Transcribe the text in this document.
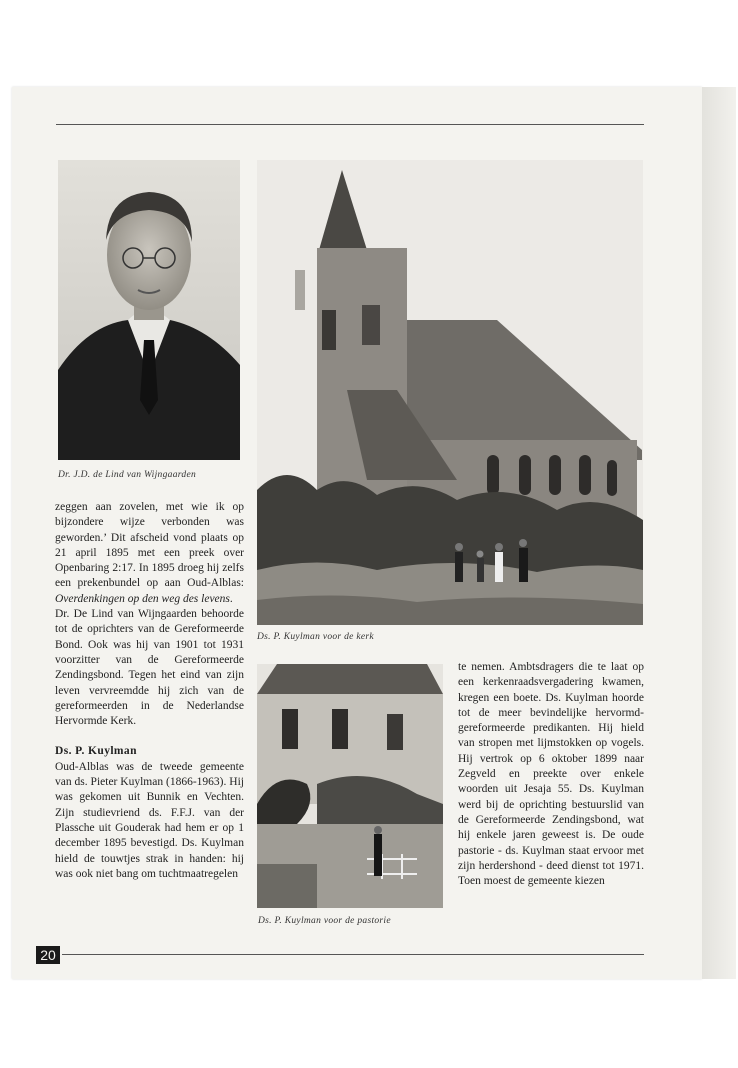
Dr. J.D. de Lind van Wijngaarden
Ds. P. Kuylman voor de kerk
Ds. P. Kuylman voor de pastorie

zeggen aan zovelen, met wie ik op bijzondere wijze verbonden was geworden.’ Dit afscheid vond plaats op 21 april 1895 met een preek over Openbaring 2:17. In 1895 droeg hij zelfs een prekenbundel op aan Oud-Alblas: Overdenkingen op den weg des levens.

Dr. De Lind van Wijngaarden behoorde tot de oprichters van de Gereformeerde Bond. Ook was hij van 1901 tot 1931 voorzitter van de Gereformeerde Zendingsbond. Tegen het eind van zijn leven vervreemdde hij zich van de gereformeerden in de Nederlandse Hervormde Kerk.

Ds. P. Kuylman

Oud-Alblas was de tweede gemeente van ds. Pieter Kuylman (1866-1963). Hij was gekomen uit Bunnik en Vechten. Zijn studievriend ds. F.F.J. van der Plassche uit Gouderak had hem er op 1 december 1895 bevestigd. Ds. Kuylman hield de touwtjes strak in handen: hij was ook niet bang om tuchtmaatregelen

te nemen. Ambtsdragers die te laat op een kerkenraadsvergadering kwamen, kregen een boete. Ds. Kuylman hoorde tot de meer bevindelijke hervormd-gereformeerde predikanten. Hij hield van stropen met lijmstokken op vogels. Hij vertrok op 6 oktober 1899 naar Zegveld en preekte over enkele woorden uit Jesaja 55. Ds. Kuylman werd bij de oprichting bestuurslid van de Gereformeerde Zendingsbond, wat hij enkele jaren geweest is. De oude pastorie - ds. Kuylman staat ervoor met zijn herdershond - deed dienst tot 1971. Toen moest de gemeente kiezen

20
